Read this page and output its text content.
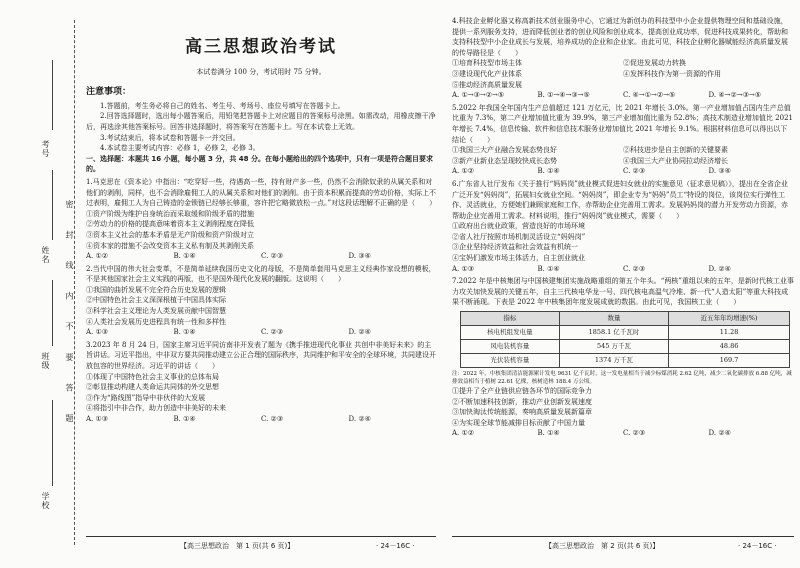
考号
姓名
班级
学校
密 封 线 内 不 要 答 题
高三思想政治考试
本试卷满分 100 分，考试用时 75 分钟。
注意事项：

1.答题前，考生务必将自己的姓名、考生号、考场号、座位号填写在答题卡上。

2.回答选择题时，选出每小题答案后，用铅笔把答题卡上对应题目的答案标号涂黑。如需改动，用橡皮擦干净后，再选涂其他答案标号。回答非选择题时，将答案写在答题卡上。写在本试卷上无效。

3.考试结束后，将本试卷和答题卡一并交回。

4.本试卷主要考试内容：必修 1，必修 2，必修 3。

一、选择题：本题共 16 小题，每小题 3 分，共 48 分。在每小题给出的四个选项中，只有一项是符合题目要求的。

1.马克思在《资本论》中指出：“吃穿好一些，待遇高一些，持有财产多一些，仍然不会消除奴隶的从属关系和对他们的剥削，同样，也不会消除雇佣工人的从属关系和对他们的剥削。由于资本积累而提高的劳动价格，实际上不过表明，雇佣工人为自己铸造的金锁链已经够长够重，容许把它略微放松一点。”对这段话理解不正确的是（　　）

①资产阶级为维护自身统治而采取缓和阶级矛盾的措施

②劳动力的价格的提高意味着资本主义剥削程度在降低

③资本主义社会的基本矛盾是无产阶级和资产阶级对立

④资本家的措施不会改变资本主义私有制及其剥削关系

A. ①②	B. ①④	C. ②③	D. ③④

2.当代中国的伟大社会变革，不是简单延续我国历史文化的母版，不是简单套用马克思主义经典作家设想的模板，不是其他国家社会主义实践的再版，也不是国外现代化发展的翻版。这说明（　　）

①我国的曲折发展不完全符合历史发展的逻辑

②中国特色社会主义深深根植于中国具体实际

③科学社会主义理论为人类发展贡献中国智慧

④人类社会发展历史进程具有统一性和多样性

A. ①③	B. ①④	C. ②③	D. ②④

3.2023 年 8 月 24 日，国家主席习近平同访南非开发表了题为《携手推进现代化事业 共创中非美好未来》的主旨讲话。习近平指出，中非双方要共同推动建立公正合理的国际秩序，共同维护和平安全的全球环境，共同建设开放包容的世界经济。习近平的讲话（　　）

①体现了中国特色社会主义事业的总体布局

②彰显推动构建人类命运共同体的外交思想

③作为“路线图”指导中非伙伴的大发展

④将指引中非合作，助力创造中非美好的未来

A. ①③	B. ①④	C. ②③	D. ②④

4.科技企业孵化器又称高新技术创业服务中心，它通过为新创办的科技型中小企业提供物理空间和基础设施，提供一系列服务支持，进而降低创业者的创业风险和创业成本，提高创业成功率，促进科技成果转化，帮助和支持科技型中小企业成长与发展，培养成功的企业和企业家。由此可见，科技企业孵化器赋能经济高质量发展的传导路径是（　　）

①培育科技型市场主体	②促进发展动力转换
③建设现代化产业体系	④发挥科技作为第一资源的作用
⑤推动经济高质量发展
A. ①→③→②→⑤	B. ①→④→③→⑤	C. ④→①→②→⑤	D. ④→②→③→⑤

5.2022 年我国全年国内生产总值超过 121 万亿元，比 2021 年增长 3.0%。第一产业增加值占国内生产总值比重为 7.3%，第二产业增加值比重为 39.9%，第三产业增加值比重为 52.8%；高技术制造业增加值比 2021 年增长 7.4%，信息传输、软件和信息技术服务业增加值比 2021 年增长 9.1%。根据材料信息可以得出以下结论（　　）

①我国三大产业融合发展态势良好	②科技进步是自主创新的关键要素
③新产业新业态呈现较快成长态势	④我国三大产业协同拉动经济增长
A. ①②	B. ①④	C. ②③	D. ③④

6.广东省人社厅发布《关于推行“妈妈岗”就业模式促进妇女就业的实施意见（征求意见稿）》，提出在全省企业广泛开发“妈妈岗”，拓展妇女就业空间。“妈妈岗”，即企业专为“妈妈”员工“特设的岗位，该岗位实行弹性工作、灵活就业，方便她们兼顾家庭和工作，赤帮助企业完善用工需求。发展妈妈岗的潜力开发劳动力资源，赤帮助企业完善用工需求。材料说明，推行“妈妈岗”就业模式，需要（　　）

①政府出台就业政策，营造良好的市场环境

②省人社厅按照市场机制灵活设立“妈妈岗”

③企业坚持经济效益和社会效益有机统一

④宝妈们激发市场主体活力，自主创业就业

A. ①③	B. ①④	C. ②③	D. ②④

7.2022 年是中核集团与中国核建集团实施战略重组的第五个年头。“两核”重组以来的五年，是新时代核工业事力攻关加快发展的关键五年，自主三代核电华龙一号、四代核电高温气冷堆、新一代“人造太阳”等重大科技成果不断涌现。下表是 2022 年中核集团年度发展成就的数据。由此可见，我国核工业（　　）

指标	数量	近五年年均增速(%)
核电机组发电量	1858.1 亿千瓦时	11.28
风电装机容量	545 万千瓦	48.86
光伏装机容量	1374 万千瓦	169.7

注：2022 年，中核集团清洁能源累计发电 9631 亿千瓦时，这一发电量相当于减少标煤消耗 2.62 亿吨，减少二氧化碳排放 6.88 亿吨，减排效益相当于植树 22.61 亿棵，核树造林 188.4 万公顷。

①提升了全产业链供应链各环节的国际竞争力

②不断加速科技创新，推动产业创新发展速度

③加快淘汰传统能源，奏响高质量发展新篇章

④为实现全球节能减排目标贡献了中国力量

A. ①②	B. ①④	C. ②③	D. ②④
【高三思想政治　第 1 页(共 6 页)】	· 24－16C ·	【高三思想政治　第 2 页(共 6 页)】	· 24－16C ·
